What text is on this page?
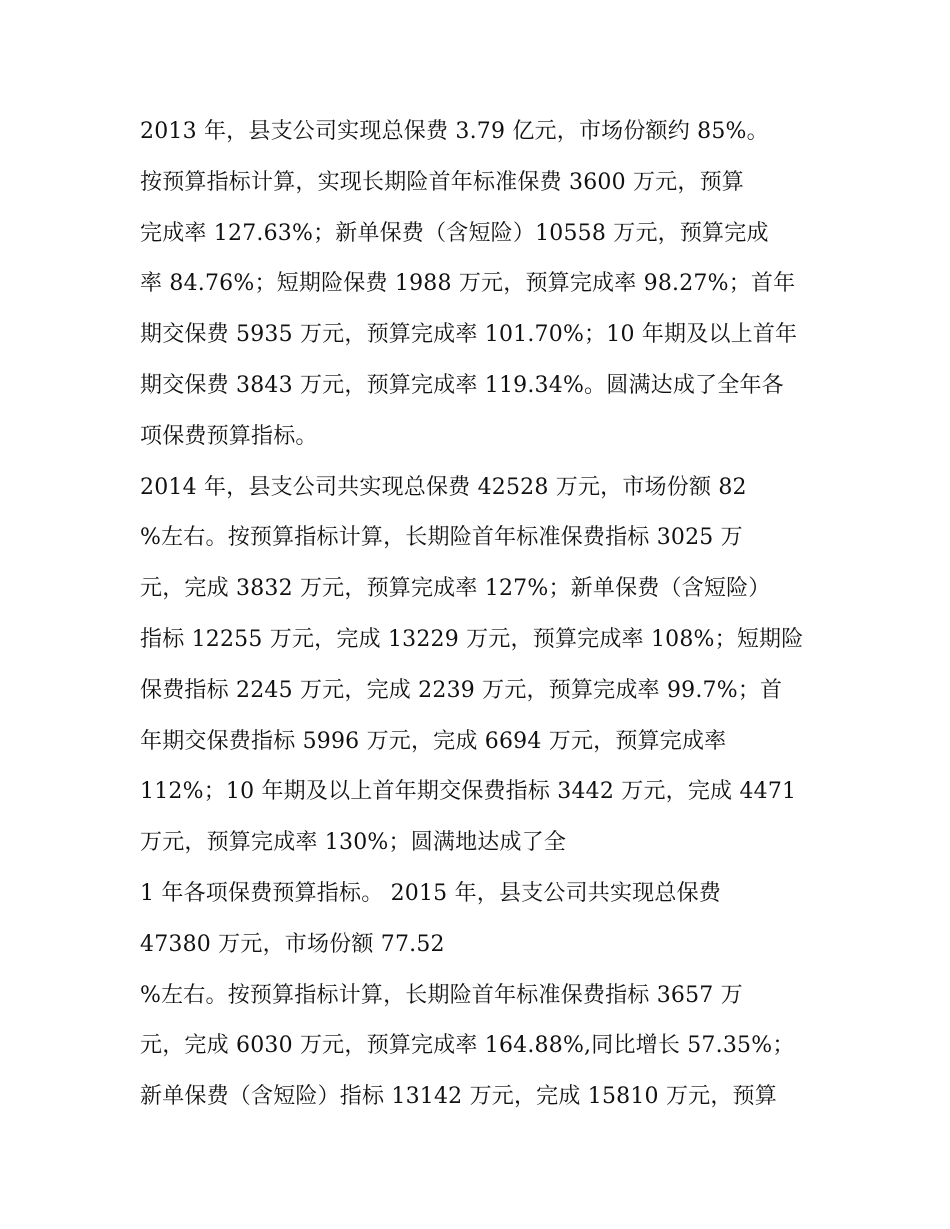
2013 年，县支公司实现总保费 3.79 亿元，市场份额约 85%。
按预算指标计算，实现长期险首年标准保费 3600 万元，预算
完成率 127.63%；新单保费（含短险）10558 万元，预算完成
率 84.76%；短期险保费 1988 万元，预算完成率 98.27%；首年
期交保费 5935 万元，预算完成率 101.70%；10 年期及以上首年
期交保费 3843 万元，预算完成率 119.34%。圆满达成了全年各
项保费预算指标。
2014 年，县支公司共实现总保费 42528 万元，市场份额 82
%左右。按预算指标计算，长期险首年标准保费指标 3025 万
元，完成 3832 万元，预算完成率 127%；新单保费（含短险）
指标 12255 万元，完成 13229 万元，预算完成率 108%；短期险
保费指标 2245 万元，完成 2239 万元，预算完成率 99.7%；首
年期交保费指标 5996 万元，完成 6694 万元，预算完成率
112%；10 年期及以上首年期交保费指标 3442 万元，完成 4471
万元，预算完成率 130%；圆满地达成了全
1 年各项保费预算指标。 2015 年，县支公司共实现总保费
47380 万元，市场份额 77.52
%左右。按预算指标计算，长期险首年标准保费指标 3657 万
元，完成 6030 万元，预算完成率 164.88%,同比增长 57.35%；
新单保费（含短险）指标 13142 万元，完成 15810 万元，预算
